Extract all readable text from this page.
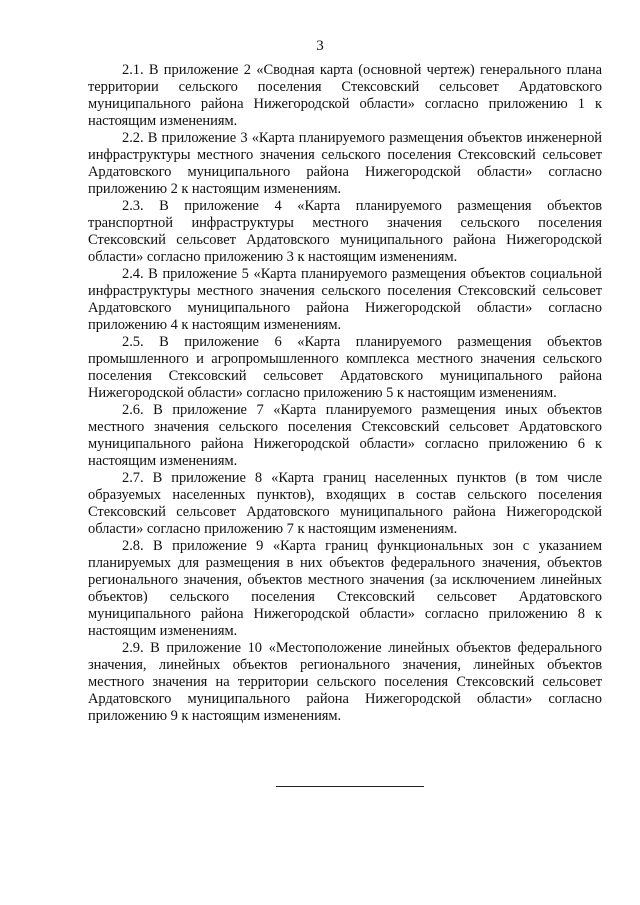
3

2.1. В приложение 2 «Сводная карта (основной чертеж) генерального плана территории сельского поселения Стексовский сельсовет Ардатовского муниципального района Нижегородской области» согласно приложению 1 к настоящим изменениям.

2.2. В приложение 3 «Карта планируемого размещения объектов инженерной инфраструктуры местного значения сельского поселения Стексовский сельсовет Ардатовского муниципального района Нижегородской области» согласно приложению 2 к настоящим изменениям.

2.3. В приложение 4 «Карта планируемого размещения объектов транспортной инфраструктуры местного значения сельского поселения Стексовский сельсовет Ардатовского муниципального района Нижегородской области» согласно приложению 3 к настоящим изменениям.

2.4. В приложение 5 «Карта планируемого размещения объектов социальной инфраструктуры местного значения сельского поселения Стексовский сельсовет Ардатовского муниципального района Нижегородской области» согласно приложению 4 к настоящим изменениям.

2.5. В приложение 6 «Карта планируемого размещения объектов промышленного и агропромышленного комплекса местного значения сельского поселения Стексовский сельсовет Ардатовского муниципального района Нижегородской области» согласно приложению 5 к настоящим изменениям.

2.6. В приложение 7 «Карта планируемого размещения иных объектов местного значения сельского поселения Стексовский сельсовет Ардатовского муниципального района Нижегородской области» согласно приложению 6 к настоящим изменениям.

2.7. В приложение 8 «Карта границ населенных пунктов (в том числе образуемых населенных пунктов), входящих в состав сельского поселения Стексовский сельсовет Ардатовского муниципального района Нижегородской области» согласно приложению 7 к настоящим изменениям.

2.8. В приложение 9 «Карта границ функциональных зон с указанием планируемых для размещения в них объектов федерального значения, объектов регионального значения, объектов местного значения (за исключением линейных объектов) сельского поселения Стексовский сельсовет Ардатовского муниципального района Нижегородской области» согласно приложению 8 к настоящим изменениям.

2.9. В приложение 10 «Местоположение линейных объектов федерального значения, линейных объектов регионального значения, линейных объектов местного значения на территории сельского поселения Стексовский сельсовет Ардатовского муниципального района Нижегородской области» согласно приложению 9 к настоящим изменениям.
